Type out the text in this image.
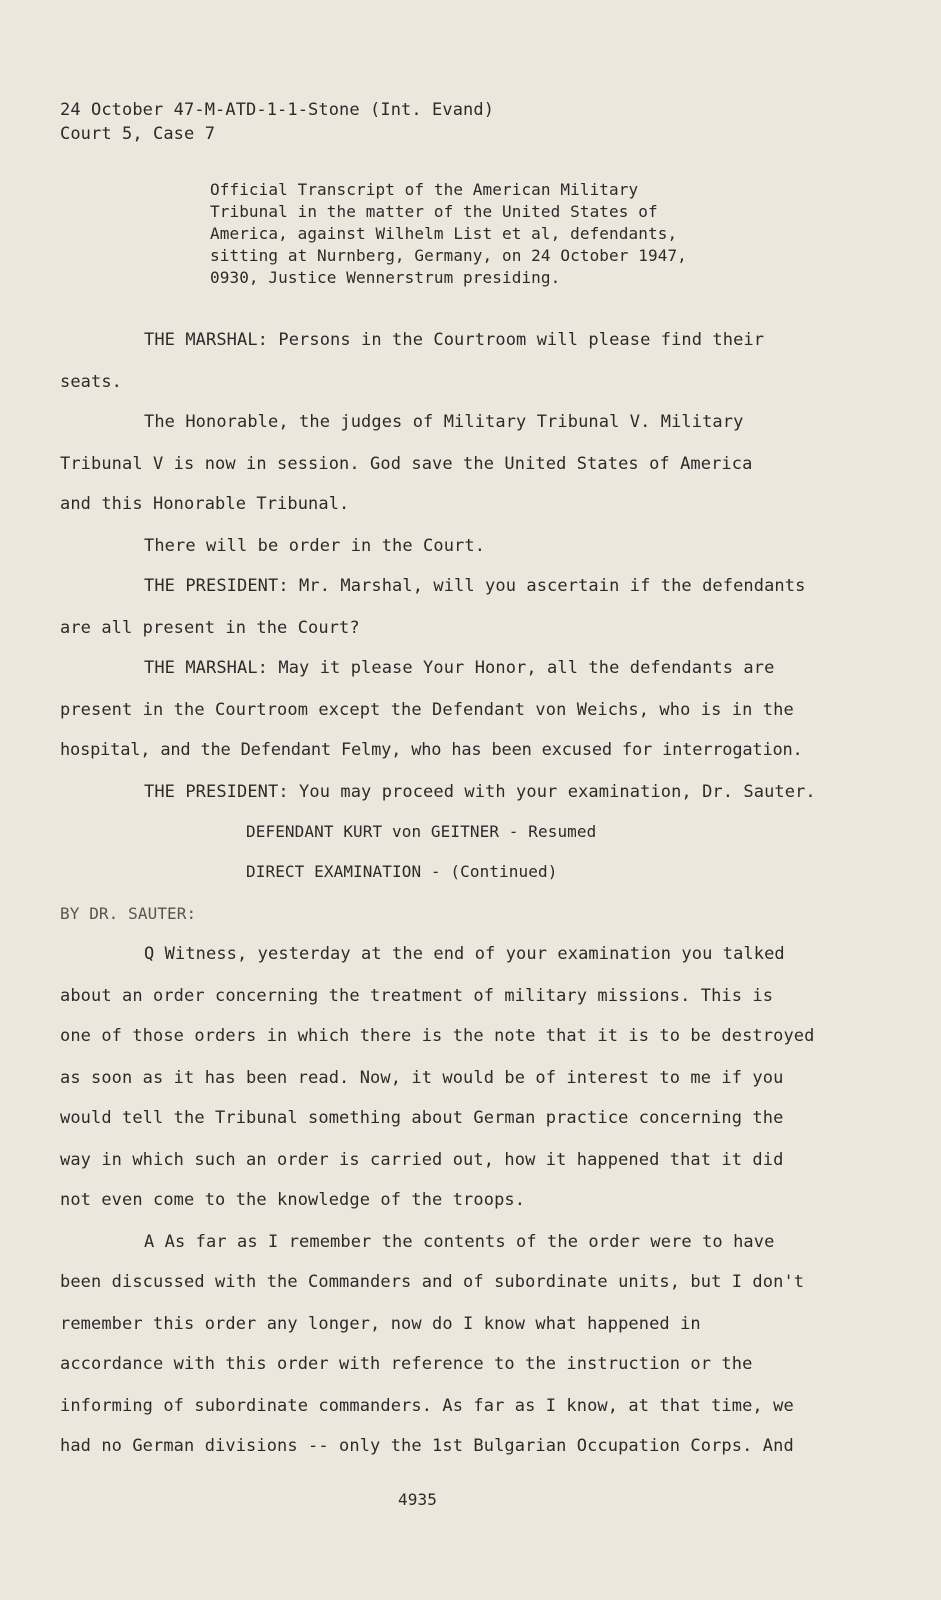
24 October 47-M-ATD-1-1-Stone (Int. Evand)
Court 5, Case 7
Official Transcript of the American Military
Tribunal in the matter of the United States of
America, against Wilhelm List et al, defendants,
sitting at Nurnberg, Germany, on 24 October 1947,
0930, Justice Wennerstrum presiding.
THE MARSHAL: Persons in the Courtroom will please find their
seats.
The Honorable, the judges of Military Tribunal V. Military
Tribunal V is now in session. God save the United States of America
and this Honorable Tribunal.
There will be order in the Court.
THE PRESIDENT: Mr. Marshal, will you ascertain if the defendants
are all present in the Court?
THE MARSHAL: May it please Your Honor, all the defendants are
present in the Courtroom except the Defendant von Weichs, who is in the
hospital, and the Defendant Felmy, who has been excused for interrogation.
THE PRESIDENT: You may proceed with your examination, Dr. Sauter.
DEFENDANT KURT von GEITNER - Resumed
DIRECT EXAMINATION - (Continued)
BY DR. SAUTER:
Q Witness, yesterday at the end of your examination you talked
about an order concerning the treatment of military missions. This is
one of those orders in which there is the note that it is to be destroyed
as soon as it has been read. Now, it would be of interest to me if you
would tell the Tribunal something about German practice concerning the
way in which such an order is carried out, how it happened that it did
not even come to the knowledge of the troops.
A As far as I remember the contents of the order were to have
been discussed with the Commanders and of subordinate units, but I don't
remember this order any longer, now do I know what happened in
accordance with this order with reference to the instruction or the
informing of subordinate commanders. As far as I know, at that time, we
had no German divisions -- only the 1st Bulgarian Occupation Corps. And
4935
